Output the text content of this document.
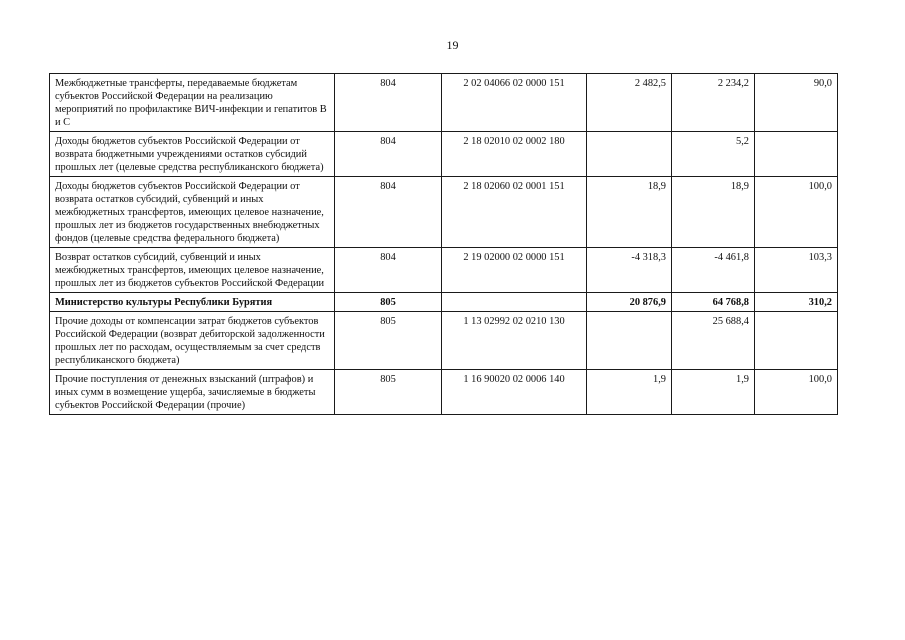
19
Межбюджетные трансферты, передаваемые бюджетам субъектов Российской Федерации на реализацию мероприятий по профилактике ВИЧ-инфекции и гепатитов В и С	804	2 02 04066 02 0000 151	2 482,5	2 234,2	90,0
Доходы бюджетов субъектов Российской Федерации от возврата бюджетными учреждениями остатков субсидий прошлых лет (целевые средства республиканского бюджета)	804	2 18 02010 02 0002 180		5,2	
Доходы бюджетов субъектов Российской Федерации от возврата остатков субсидий, субвенций и иных межбюджетных трансфертов, имеющих целевое назначение, прошлых лет из бюджетов государственных внебюджетных фондов (целевые средства федерального бюджета)	804	2 18 02060 02 0001 151	18,9	18,9	100,0
Возврат остатков субсидий, субвенций и иных межбюджетных трансфертов, имеющих целевое назначение, прошлых лет из бюджетов субъектов Российской Федерации	804	2 19 02000 02 0000 151	-4 318,3	-4 461,8	103,3
Министерство культуры Республики Бурятия	805		20 876,9	64 768,8	310,2
Прочие доходы от компенсации затрат бюджетов субъектов Российской Федерации (возврат дебиторской задолженности прошлых лет по расходам, осуществляемым за счет средств республиканского бюджета)	805	1 13 02992 02 0210 130		25 688,4	
Прочие поступления от денежных взысканий (штрафов) и иных сумм в возмещение ущерба, зачисляемые в бюджеты субъектов Российской Федерации (прочие)	805	1 16 90020 02 0006 140	1,9	1,9	100,0
